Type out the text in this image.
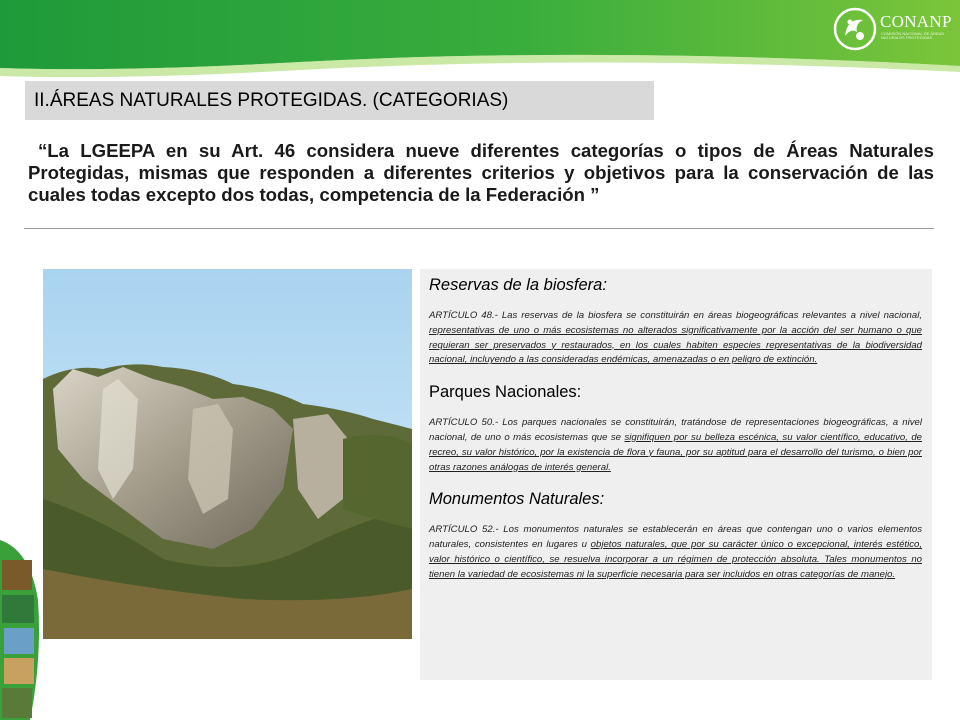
CONANP
COMISIÓN NACIONAL DE ÁREAS NATURALES PROTEGIDAS
II.ÁREAS NATURALES PROTEGIDAS. (CATEGORIAS)

“La LGEEPA en su Art. 46 considera nueve diferentes categorías o tipos de Áreas Naturales Protegidas, mismas que responden a diferentes criterios y objetivos para la conservación de las cuales todas excepto dos todas, competencia de la Federación ”

Reservas de la biosfera:

ARTÍCULO 48.- Las reservas de la biosfera se constituirán en áreas biogeográficas relevantes a nivel nacional, representativas de uno o más ecosistemas no alterados significativamente por la acción del ser humano o que requieran ser preservados y restaurados, en los cuales habiten especies representativas de la biodiversidad nacional, incluyendo a las consideradas endémicas, amenazadas o en peligro de extinción.

Parques Nacionales:

ARTÍCULO 50.- Los parques nacionales se constituirán, tratándose de representaciones biogeográficas, a nivel nacional, de uno o más ecosistemas que se signifiquen por su belleza escénica, su valor científico, educativo, de recreo, su valor histórico, por la existencia de flora y fauna, por su aptitud para el desarrollo del turismo, o bien por otras razones análogas de interés general.

Monumentos Naturales:

ARTÍCULO 52.- Los monumentos naturales se establecerán en áreas que contengan uno o varios elementos naturales, consistentes en lugares u objetos naturales, que por su carácter único o excepcional, interés estético, valor histórico o científico, se resuelva incorporar a un régimen de protección absoluta. Tales monumentos no tienen la variedad de ecosistemas ni la superficie necesaria para ser incluidos en otras categorías de manejo.
